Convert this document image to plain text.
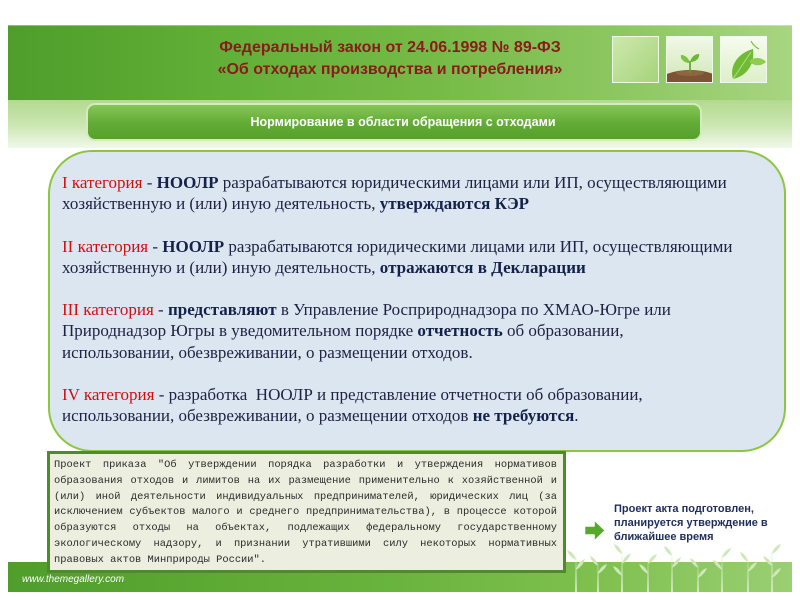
Федеральный закон от 24.06.1998 № 89-ФЗ
«Об отходах производства и потребления»
Нормирование в области обращения с отходами
I категория - НООЛР разрабатываются юридическими лицами или ИП, осуществляющими
хозяйственную и (или) иную деятельность, утверждаются КЭР
II категория - НООЛР разрабатываются юридическими лицами или ИП, осуществляющими
хозяйственную и (или) иную деятельность, отражаются в Декларации
III категория - представляют в Управление Росприроднадзора по ХМАО-Югре или
Природнадзор Югры в уведомительном порядке отчетность об образовании,
использовании, обезвреживании, о размещении отходов.
IV категория - разработка  НООЛР и представление отчетности об образовании,
использовании, обезвреживании, о размещении отходов не требуются.
www.themegallery.com
Проект приказа "Об утверждении порядка разработки и утверждения нормативов
образования отходов и лимитов на их размещение применительно к хозяйственной и
(или) иной деятельности индивидуальных предпринимателей, юридических лиц (за
исключением субъектов малого и среднего предпринимательства), в процессе которой
образуются отходы на объектах, подлежащих федеральному государственному
экологическому надзору, и признании утратившими силу некоторых нормативных
правовых актов Минприроды России".
Проект акта подготовлен,
планируется утверждение в
ближайшее время
